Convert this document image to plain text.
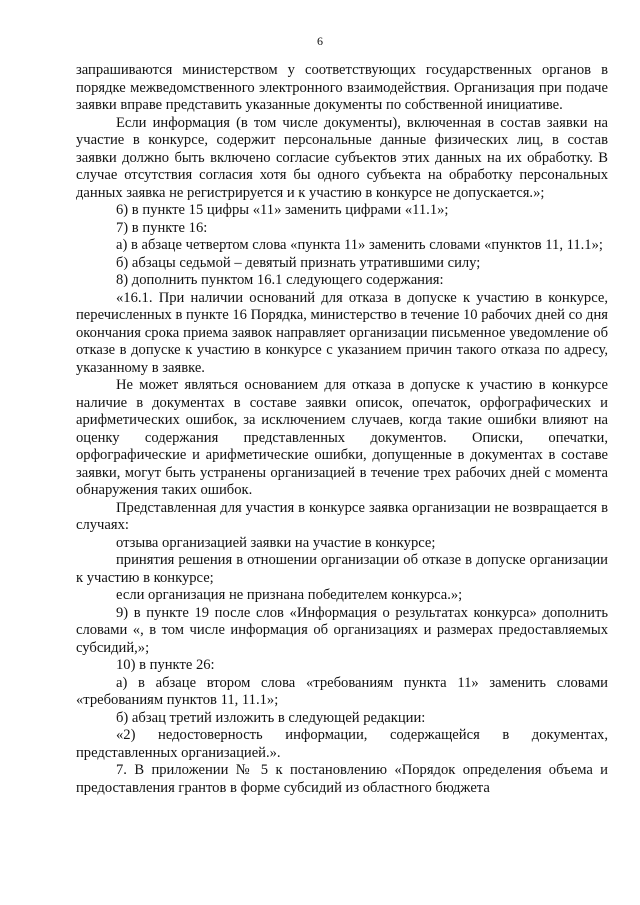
6

запрашиваются министерством у соответствующих государственных органов в порядке межведомственного электронного взаимодействия. Организация при подаче заявки вправе представить указанные документы по собственной инициативе.

Если информация (в том числе документы), включенная в состав заявки на участие в конкурсе, содержит персональные данные физических лиц, в состав заявки должно быть включено согласие субъектов этих данных на их обработку. В случае отсутствия согласия хотя бы одного субъекта на обработку персональных данных заявка не регистрируется и к участию в конкурсе не допускается.»;

6) в пункте 15 цифры «11» заменить цифрами «11.1»;

7) в пункте 16:

а) в абзаце четвертом слова «пункта 11» заменить словами «пунктов 11, 11.1»;

б) абзацы седьмой – девятый признать утратившими силу;

8) дополнить пунктом 16.1 следующего содержания:

«16.1. При наличии оснований для отказа в допуске к участию в конкурсе, перечисленных в пункте 16 Порядка, министерство в течение 10 рабочих дней со дня окончания срока приема заявок направляет организации письменное уведомление об отказе в допуске к участию в конкурсе с указанием причин такого отказа по адресу, указанному в заявке.

Не может являться основанием для отказа в допуске к участию в конкурсе наличие в документах в составе заявки описок, опечаток, орфографических и арифметических ошибок, за исключением случаев, когда такие ошибки влияют на оценку содержания представленных документов. Описки, опечатки, орфографические и арифметические ошибки, допущенные в документах в составе заявки, могут быть устранены организацией в течение трех рабочих дней с момента обнаружения таких ошибок.

Представленная для участия в конкурсе заявка организации не возвращается в случаях:

отзыва организацией заявки на участие в конкурсе;

принятия решения в отношении организации об отказе в допуске организации к участию в конкурсе;

если организация не признана победителем конкурса.»;

9) в пункте 19 после слов «Информация о результатах конкурса» дополнить словами «, в том числе информация об организациях и размерах предоставляемых субсидий,»;

10) в пункте 26:

а) в абзаце втором слова «требованиям пункта 11» заменить словами «требованиям пунктов 11, 11.1»;

б) абзац третий изложить в следующей редакции:

«2) недостоверность информации, содержащейся в документах, представленных организацией.».

7. В приложении № 5 к постановлению «Порядок определения объема и предоставления грантов в форме субсидий из областного бюджета
